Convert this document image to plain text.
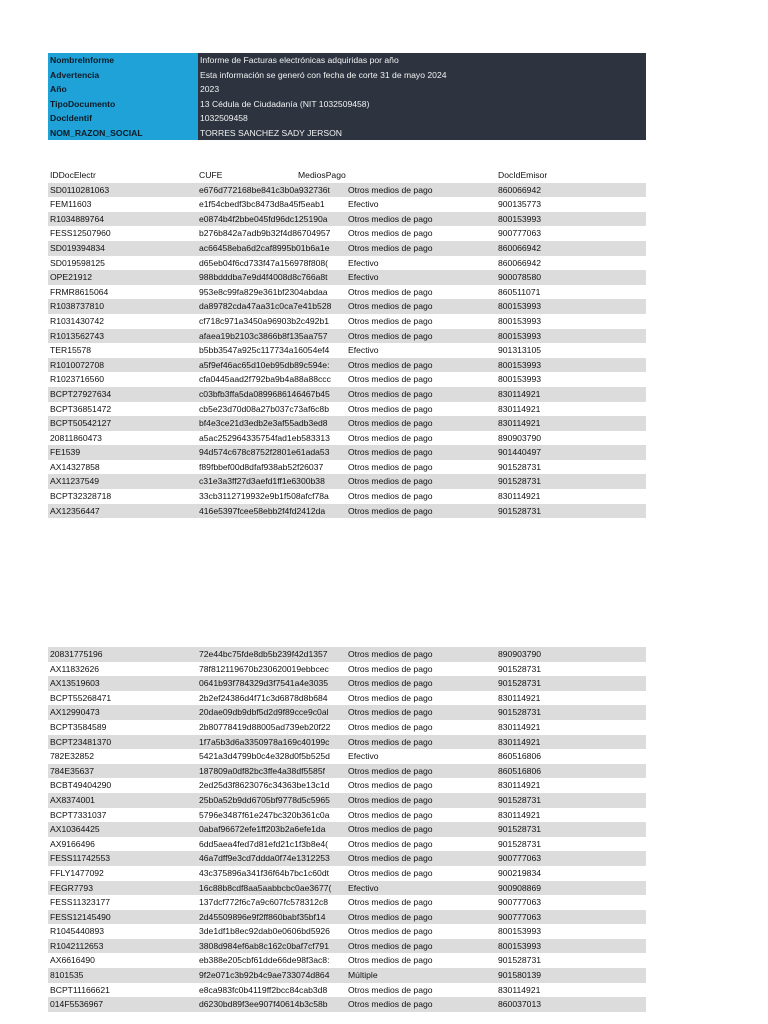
NombreInforme	Informe de Facturas electrónicas adquiridas por año
Advertencia	Esta información se generó con fecha de corte 31 de mayo 2024
Año	2023
TipoDocumento	13 Cédula de Ciudadanía (NIT 1032509458)
DocIdentif	1032509458
NOM_RAZON_SOCIAL	TORRES SANCHEZ SADY JERSON
IDDocElectr	CUFE	MediosPago	DocIdEmisor
SD0110281063	e676d772168be841c3b0a932736t	Otros medios de pago	860066942
FEM11603	e1f54cbedf3bc8473d8a45f5eab1	Efectivo	900135773
R1034889764	e0874b4f2bbe045fd96dc125190a	Otros medios de pago	800153993
FESS12507960	b276b842a7adb9b32f4d86704957	Otros medios de pago	900777063
SD019394834	ac66458eba6d2caf8995b01b6a1e	Otros medios de pago	860066942
SD019598125	d65eb04f6cd733f47a156978f808(	Efectivo	860066942
OPE21912	988bdddba7e9d4f4008d8c766a8t	Efectivo	900078580
FRMR8615064	953e8c99fa829e361bf2304abdaa	Otros medios de pago	860511071
R1038737810	da89782cda47aa31c0ca7e41b528	Otros medios de pago	800153993
R1031430742	cf718c971a3450a96903b2c492b1	Otros medios de pago	800153993
R1013562743	afaea19b2103c3866b8f135aa757	Otros medios de pago	800153993
TER15578	b5bb3547a925c117734a16054ef4	Efectivo	901313105
R1010072708	a5f9ef46ac65d10eb95db89c594e:	Otros medios de pago	800153993
R1023716560	cfa0445aad2f792ba9b4a88a88ccc	Otros medios de pago	800153993
BCPT27927634	c03bfb3ffa5da0899686146467b45	Otros medios de pago	830114921
BCPT36851472	cb5e23d70d08a27b037c73af6c8b	Otros medios de pago	830114921
BCPT50542127	bf4e3ce21d3edb2e3af55adb3ed8	Otros medios de pago	830114921
20811860473	a5ac252964335754fad1eb583313	Otros medios de pago	890903790
FE1539	94d574c678c8752f2801e61ada53	Otros medios de pago	901440497
AX14327858	f89fbbef00d8dfaf938ab52f26037	Otros medios de pago	901528731
AX11237549	c31e3a3ff27d3aefd1ff1e6300b38	Otros medios de pago	901528731
BCPT32328718	33cb3112719932e9b1f508afcf78a	Otros medios de pago	830114921
AX12356447	416e5397fcee58ebb2f4fd2412da	Otros medios de pago	901528731
20831775196	72e44bc75fde8db5b239f42d1357	Otros medios de pago	890903790
AX11832626	78f812119670b230620019ebbcec	Otros medios de pago	901528731
AX13519603	0641b93f784329d3f7541a4e3035	Otros medios de pago	901528731
BCPT55268471	2b2ef24386d4f71c3d6878d8b684	Otros medios de pago	830114921
AX12990473	20dae09db9dbf5d2d9f89cce9c0al	Otros medios de pago	901528731
BCPT3584589	2b80778419d88005ad739eb20f22	Otros medios de pago	830114921
BCPT23481370	1f7a5b3d6a3350978a169c40199c	Otros medios de pago	830114921
782E32852	5421a3d4799b0c4e328d0f5b525d	Efectivo	860516806
784E35637	187809a0df82bc3ffe4a38df5585f	Otros medios de pago	860516806
BCBT49404290	2ed25d3f8623076c34363be13c1d	Otros medios de pago	830114921
AX8374001	25b0a52b9dd6705bf9778d5c5965	Otros medios de pago	901528731
BCPT7331037	5796e3487f61e247bc320b361c0a	Otros medios de pago	830114921
AX10364425	0abaf96672efe1ff203b2a6efe1da	Otros medios de pago	901528731
AX9166496	6dd5aea4fed7d81efd21c1f3b8e4(	Otros medios de pago	901528731
FESS11742553	46a7dff9e3cd7ddda0f74e1312253	Otros medios de pago	900777063
FFLY1477092	43c375896a341f36f64b7bc1c60dt	Otros medios de pago	900219834
FEGR7793	16c88b8cdf8aa5aabbcbc0ae3677(	Efectivo	900908869
FESS11323177	137dcf772f6c7a9c607fc578312c8	Otros medios de pago	900777063
FESS12145490	2d45509896e9f2ff860babf35bf14	Otros medios de pago	900777063
R1045440893	3de1df1b8ec92dab0e0606bd5926	Otros medios de pago	800153993
R1042112653	3808d984ef6ab8c162c0baf7cf791	Otros medios de pago	800153993
AX6616490	eb388e205cbf61dde66de98f3ac8:	Otros medios de pago	901528731
8101535	9f2e071c3b92b4c9ae733074d864	Múltiple	901580139
BCPT11166621	e8ca983fc0b4119ff2bcc84cab3d8	Otros medios de pago	830114921
014F5536967	d6230bd89f3ee907f40614b3c58b	Otros medios de pago	860037013
